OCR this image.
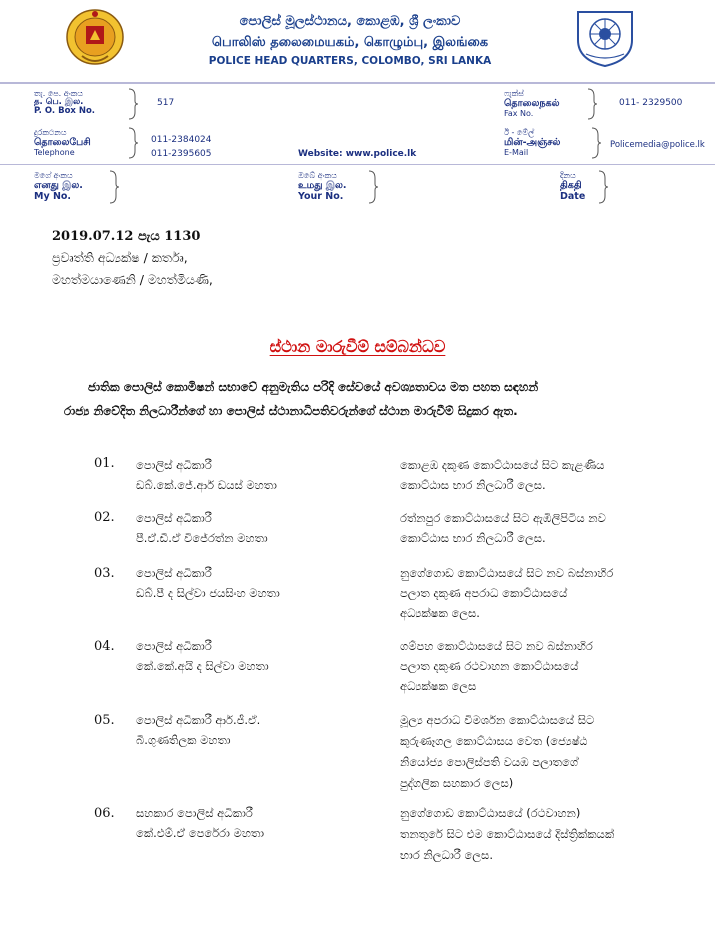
පොලිස් මූලස්ථානය, කොළඹ, ශ්‍රී ලංකාව
பொலிஸ் தலைமையகம், கொழும்பு, இலங்கை
POLICE HEAD QUARTERS, COLOMBO, SRI LANKA
තැ. පෙ. අංකය
த. பெ. இல.
P. O. Box No.
517
ෆැක්ස්
தொலைநகல்
Fax No.
011- 2329500
දුරකථනය
தொலைபேசி
Telephone
011-2384024
011-2395605	Website: www.police.lk
ඊ - මේල්
மின்-அஞ்சல்
E-Mail
Policemedia@police.lk
මගේ අංකය
எனது இல.
My No.
ඔබේ අංකය
உமது இல.
Your No.
දිනය
திகதி
Date
2019.07.12 පැය 1130
ප්‍රවෘත්ති අධ්‍යක්ෂ / කර්තෘ,
මහත්මයාණෙනි / මහත්මියණි,
ස්ථාන මාරුවීම් සම්බන්ධව
ජාතික පොලිස් කොමිෂන් සභාවේ අනුමැතිය පරිදි සේවයේ අවශ්‍යතාවය මත පහත සඳහන්
රාජ්‍ය නිවේදිත නිලධාරීන්ගේ හා පොලිස් ස්ථානාධිපතිවරුන්ගේ ස්ථාන මාරුවීම් සිදුකර ඇත.
01. පොලිස් අධිකාරී
ඩබ්.කේ.ජේ.ආර් ඩයස් මහතා
කොළඹ දකුණ කොට්ඨාසයේ සිට කැළණිය
කොට්ඨාස භාර නිලධාරී ලෙස.
02. පොලිස් අධිකාරී
පී.ඒ.ඩී.ඒ විජේරත්න මහතා
රත්නපුර කොට්ඨාසයේ සිට ඇඹිලිපිටිය නව
කොට්ඨාස භාර නිලධාරී ලෙස.
03. පොලිස් අධිකාරී
ඩබ්.පී ද සිල්වා ජයසිංහ මහතා
නුගේගොඩ කොට්ඨාසයේ සිට නව බස්නාහිර
පලාත දකුණ අපරාධ කොට්ඨාසයේ
අධ්‍යක්ෂක ලෙස.
04. පොලිස් අධිකාරී
කේ.කේ.අයි ද සිල්වා මහතා
ගම්පහ කොට්ඨාසයේ සිට නව බස්නාහිර
පලාත දකුණ රථවාහන කොට්ඨාසයේ
අධ්‍යක්ෂක ලෙස
05. පොලිස් අධිකාරී ආර්.ජී.ඒ.
බී.ගුණතිලක මහතා
මූල්‍ය අපරාධ විමර්ශන කොට්ඨාසයේ සිට
කුරුණෑගල කොට්ඨාසය වෙත (ජ්‍යෙෂ්ඨ
නියෝජ්‍ය පොලිස්පති වයඹ පලාතගේ
පුද්ගලික සහකාර ලෙස)
06. සහකාර පොලිස් අධිකාරී
කේ.එම්.ඒ පෙරේරා මහතා
නුගේගොඩ කොට්ඨාසයේ (රථවාහන)
තනතුරේ සිට එම කොට්ඨාසයේ දිස්ත්‍රික්කයක්
භාර නිලධාරී ලෙස.
